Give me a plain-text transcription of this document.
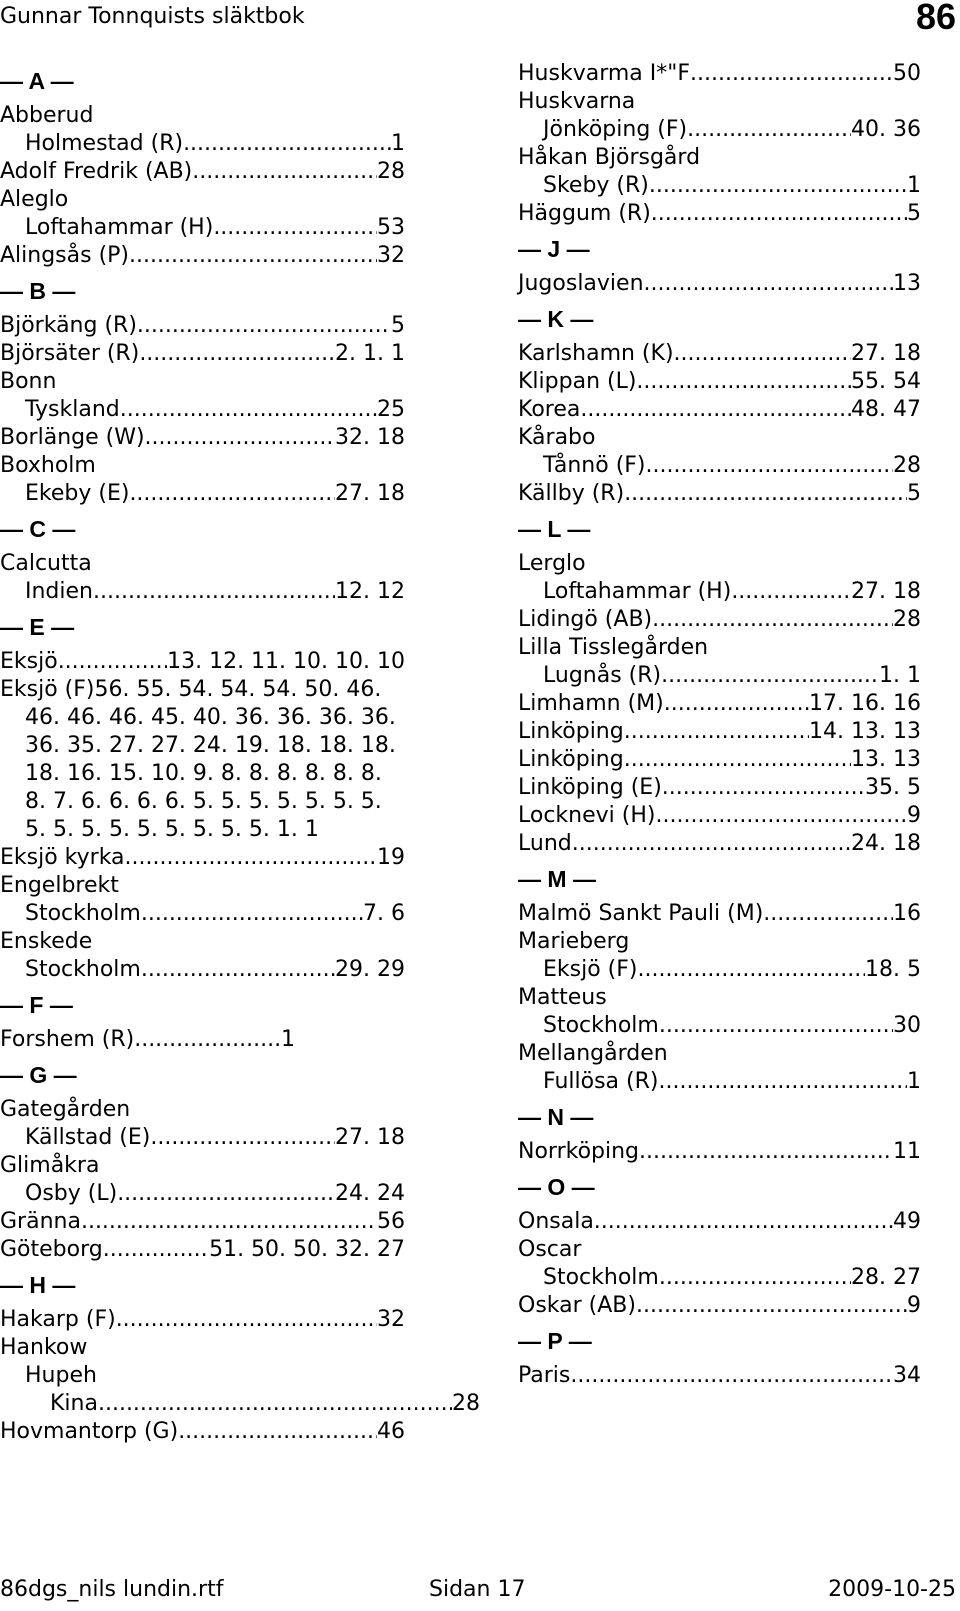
Gunnar Tonnquists släktbok	86
— A —
Abberud
Holmestad (R) .....	1
Adolf Fredrik (AB) .....	28
Aleglo
Loftahammar (H) .....	53
Alingsås (P) .....	32
— B —
Björkäng (R) .....	5
Björsäter (R) .....	2. 1. 1
Bonn
Tyskland .....	25
Borlänge (W) .....	32. 18
Boxholm
Ekeby (E) .....	27. 18
— C —
Calcutta
Indien .....	12. 12
— E —
Eksjö .....	13. 12. 11. 10. 10. 10
Eksjö (F)56. 55. 54. 54. 54. 50. 46.
46. 46. 46. 45. 40. 36. 36. 36. 36.
36. 35. 27. 27. 24. 19. 18. 18. 18.
18. 16. 15. 10. 9. 8. 8. 8. 8. 8. 8.
8. 7. 6. 6. 6. 6. 5. 5. 5. 5. 5. 5. 5.
5. 5. 5. 5. 5. 5. 5. 5. 5. 1. 1
Eksjö kyrka .....	19
Engelbrekt
Stockholm .....	7. 6
Enskede
Stockholm .....	29. 29
— F —
Forshem (R) .....	1
— G —
Gategården
Källstad (E) .....	27. 18
Glimåkra
Osby (L) .....	24. 24
Gränna .....	56
Göteborg .....	51. 50. 50. 32. 27
— H —
Hakarp (F) .....	32
Hankow
Hupeh
Kina .....	28
Hovmantorp (G) .....	46
Huskvarma I*"F .....	50
Huskvarna
Jönköping (F) .....	40. 36
Håkan Björsgård
Skeby (R) .....	1
Häggum (R) .....	5
— J —
Jugoslavien .....	13
— K —
Karlshamn (K) .....	27. 18
Klippan (L) .....	55. 54
Korea .....	48. 47
Kårabo
Tånnö (F) .....	28
Källby (R) .....	5
— L —
Lerglo
Loftahammar (H) .....	27. 18
Lidingö (AB) .....	28
Lilla Tisslegården
Lugnås (R) .....	1. 1
Limhamn (M) .....	17. 16. 16
Linköping .....	14. 13. 13
Linköping .....	13. 13
Linköping (E) .....	35. 5
Locknevi (H) .....	9
Lund .....	24. 18
— M —
Malmö Sankt Pauli (M) .....	16
Marieberg
Eksjö (F) .....	18. 5
Matteus
Stockholm .....	30
Mellangården
Fullösa (R) .....	1
— N —
Norrköping .....	11
— O —
Onsala .....	49
Oscar
Stockholm .....	28. 27
Oskar (AB) .....	9
— P —
Paris .....	34
86dgs_nils lundin.rtf	Sidan 17	2009-10-25
